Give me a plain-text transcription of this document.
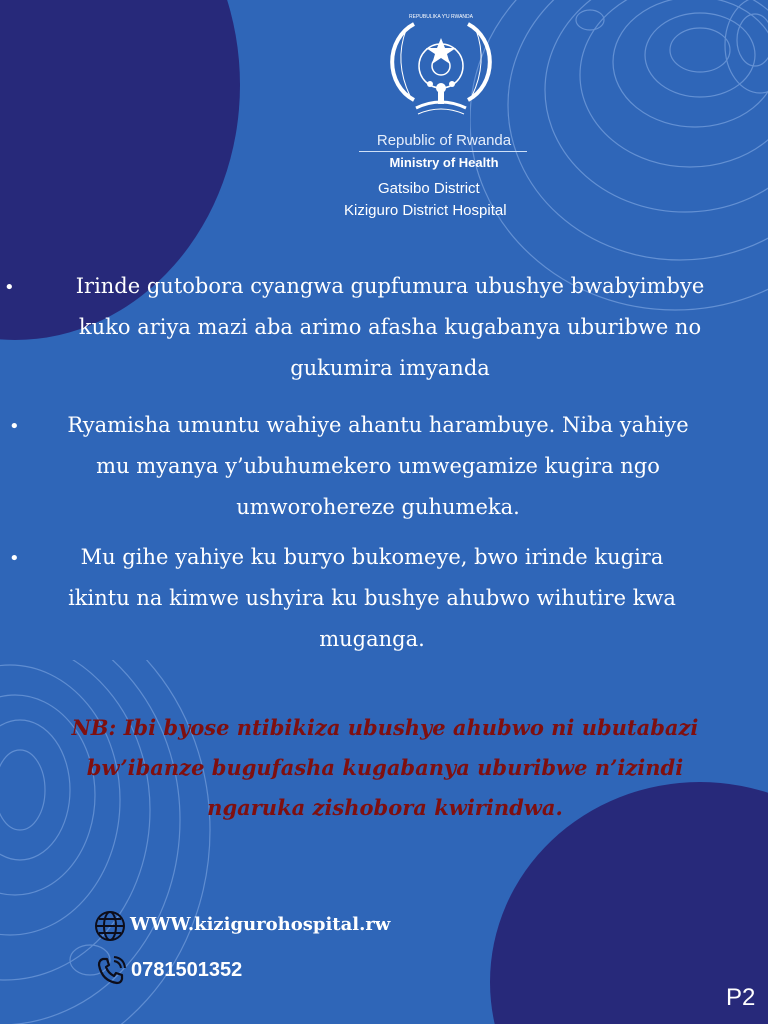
REPUBULIKA Y'U RWANDA
Republic of Rwanda
Ministry of Health
Gatsibo District
Kiziguro District Hospital
•	Irinde gutobora cyangwa gupfumura ubushye bwabyimbye
kuko ariya mazi aba arimo afasha kugabanya uburibwe no
gukumira imyanda
•	Ryamisha umuntu wahiye ahantu harambuye. Niba yahiye
mu myanya y’ubuhumekero umwegamize kugira ngo
umworohereze guhumeka.
•	Mu gihe yahiye ku buryo bukomeye, bwo irinde kugira
ikintu na kimwe ushyira ku bushye ahubwo wihutire kwa
muganga.
NB: Ibi byose ntibikiza ubushye ahubwo ni ubutabazi
bw’ibanze bugufasha kugabanya uburibwe n’izindi
ngaruka zishobora kwirindwa.
WWW.kizigurohospital.rw
0781501352
P2
